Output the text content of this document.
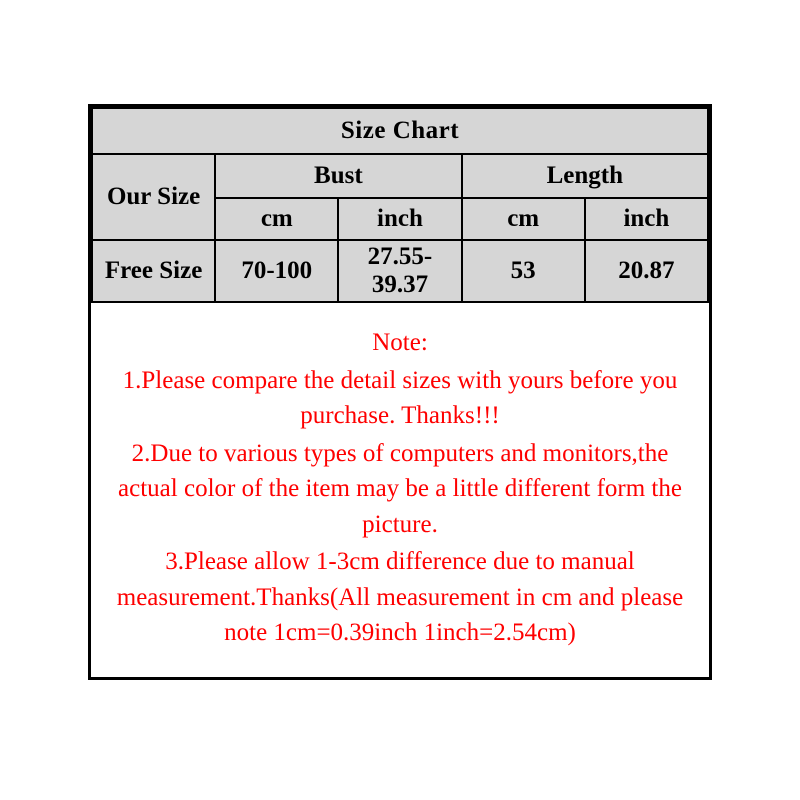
Size Chart				
Our Size	Bust		Length	
	cm	inch	cm	inch
Free Size	70-100	27.55-39.37	53	20.87
Note:

1.Please compare the detail sizes with yours before you purchase. Thanks!!!

2.Due to various types of computers and monitors,the actual color of the item may be a little different form the picture.

3.Please allow 1-3cm difference due to manual measurement.Thanks(All measurement in cm and please note 1cm=0.39inch 1inch=2.54cm)
